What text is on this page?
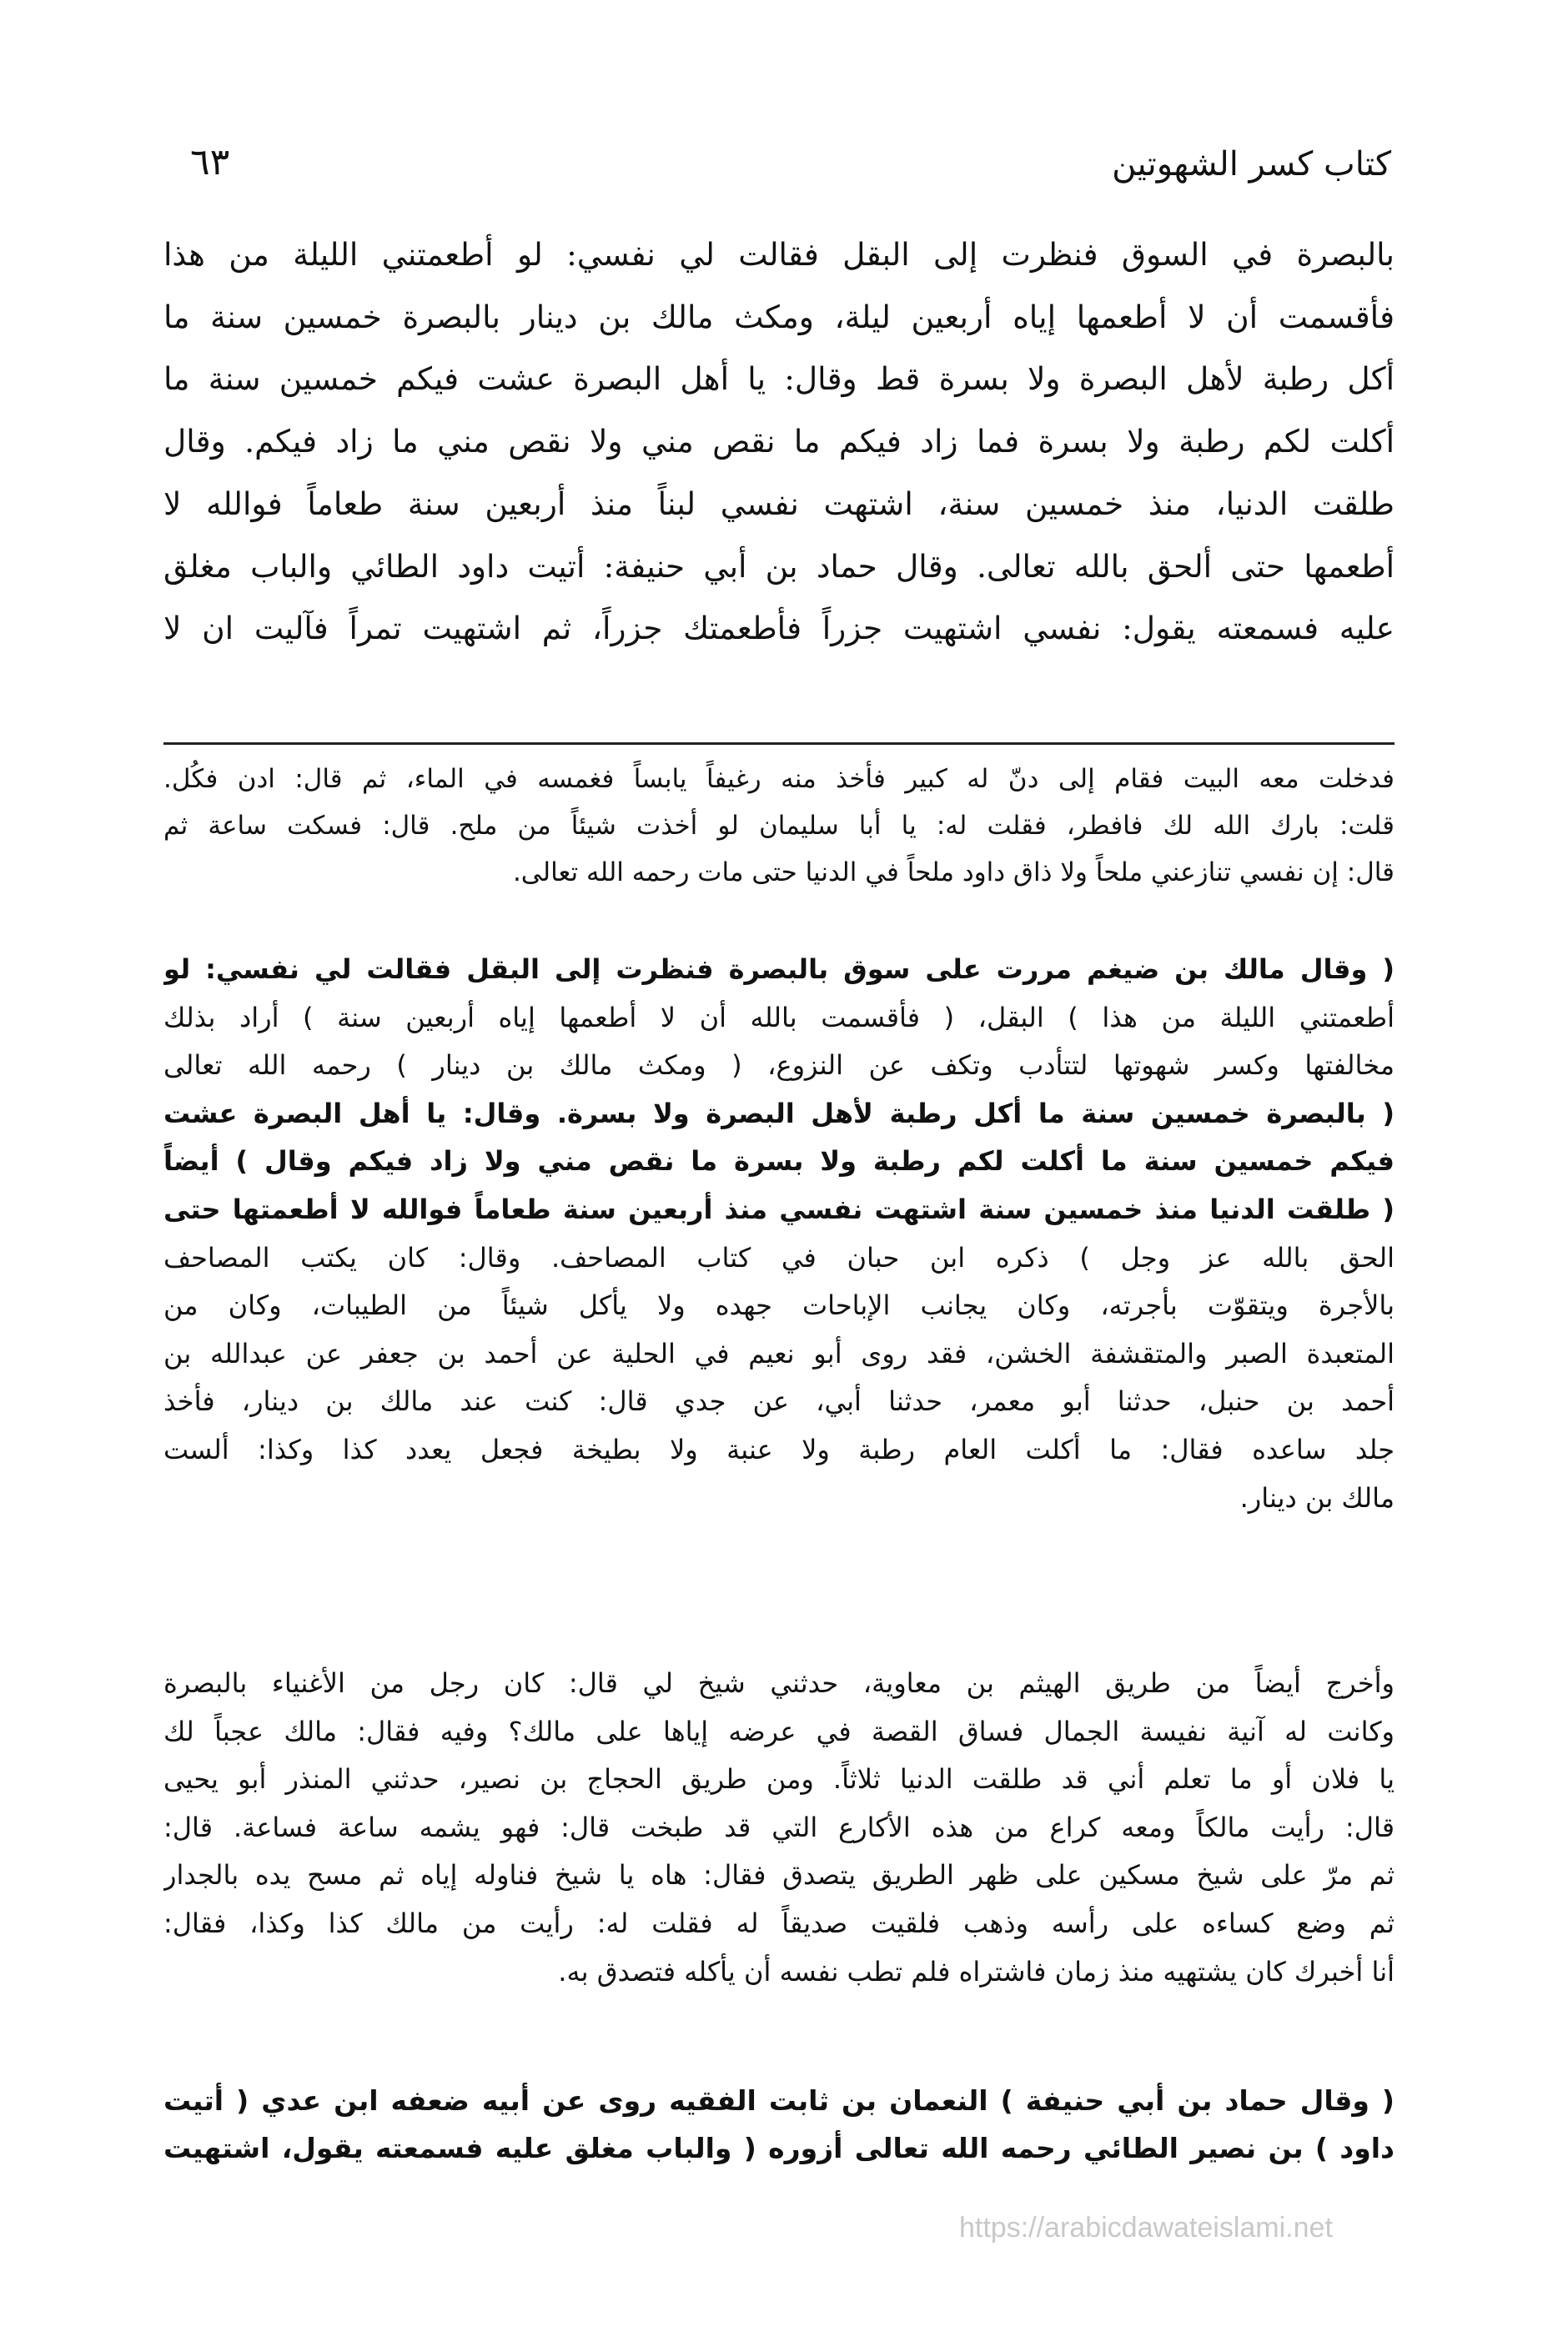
كتاب كسر الشهوتين
٦٣
بالبصرة في السوق فنظرت إلى البقل فقالت لي نفسي: لو أطعمتني الليلة من هذا
فأقسمت أن لا أطعمها إياه أربعين ليلة، ومكث مالك بن دينار بالبصرة خمسين سنة ما
أكل رطبة لأهل البصرة ولا بسرة قط وقال: يا أهل البصرة عشت فيكم خمسين سنة ما
أكلت لكم رطبة ولا بسرة فما زاد فيكم ما نقص مني ولا نقص مني ما زاد فيكم. وقال
طلقت الدنيا، منذ خمسين سنة، اشتهت نفسي لبناً منذ أربعين سنة طعاماً فوالله لا
أطعمها حتى ألحق بالله تعالى. وقال حماد بن أبي حنيفة: أتيت داود الطائي والباب مغلق
عليه فسمعته يقول: نفسي اشتهيت جزراً فأطعمتك جزراً، ثم اشتهيت تمراً فآليت ان لا
فدخلت معه البيت فقام إلى دنّ له كبير فأخذ منه رغيفاً يابساً فغمسه في الماء، ثم قال: ادن فكُل.
قلت: بارك الله لك فافطر، فقلت له: يا أبا سليمان لو أخذت شيئاً من ملح. قال: فسكت ساعة ثم
قال: إن نفسي تنازعني ملحاً ولا ذاق داود ملحاً في الدنيا حتى مات رحمه الله تعالى.
( وقال مالك بن ضيغم مررت على سوق بالبصرة فنظرت إلى البقل فقالت لي نفسي: لو
أطعمتني الليلة من هذا ) البقل، ( فأقسمت بالله أن لا أطعمها إياه أربعين سنة ) أراد بذلك
مخالفتها وكسر شهوتها لتتأدب وتكف عن النزوع، ( ومكث مالك بن دينار ) رحمه الله تعالى
( بالبصرة خمسين سنة ما أكل رطبة لأهل البصرة ولا بسرة. وقال: يا أهل البصرة عشت
فيكم خمسين سنة ما أكلت لكم رطبة ولا بسرة ما نقص مني ولا زاد فيكم وقال ) أيضاً
( طلقت الدنيا منذ خمسين سنة اشتهت نفسي منذ أربعين سنة طعاماً فوالله لا أطعمتها حتى
الحق بالله عز وجل ) ذكره ابن حبان في كتاب المصاحف. وقال: كان يكتب المصاحف
بالأجرة ويتقوّت بأجرته، وكان يجانب الإباحات جهده ولا يأكل شيئاً من الطيبات، وكان من
المتعبدة الصبر والمتقشفة الخشن، فقد روى أبو نعيم في الحلية عن أحمد بن جعفر عن عبدالله بن
أحمد بن حنبل، حدثنا أبو معمر، حدثنا أبي، عن جدي قال: كنت عند مالك بن دينار، فأخذ
جلد ساعده فقال: ما أكلت العام رطبة ولا عنبة ولا بطيخة فجعل يعدد كذا وكذا: ألست
مالك بن دينار.
وأخرج أيضاً من طريق الهيثم بن معاوية، حدثني شيخ لي قال: كان رجل من الأغنياء بالبصرة
وكانت له آنية نفيسة الجمال فساق القصة في عرضه إياها على مالك؟ وفيه فقال: مالك عجباً لك
يا فلان أو ما تعلم أني قد طلقت الدنيا ثلاثاً. ومن طريق الحجاج بن نصير، حدثني المنذر أبو يحيى
قال: رأيت مالكاً ومعه كراع من هذه الأكارع التي قد طبخت قال: فهو يشمه ساعة فساعة. قال:
ثم مرّ على شيخ مسكين على ظهر الطريق يتصدق فقال: هاه يا شيخ فناوله إياه ثم مسح يده بالجدار
ثم وضع كساءه على رأسه وذهب فلقيت صديقاً له فقلت له: رأيت من مالك كذا وكذا، فقال:
أنا أخبرك كان يشتهيه منذ زمان فاشتراه فلم تطب نفسه أن يأكله فتصدق به.
( وقال حماد بن أبي حنيفة ) النعمان بن ثابت الفقيه روى عن أبيه ضعفه ابن عدي ( أتيت
داود ) بن نصير الطائي رحمه الله تعالى أزوره ( والباب مغلق عليه فسمعته يقول، اشتهيت
https://arabicdawateislami.net
